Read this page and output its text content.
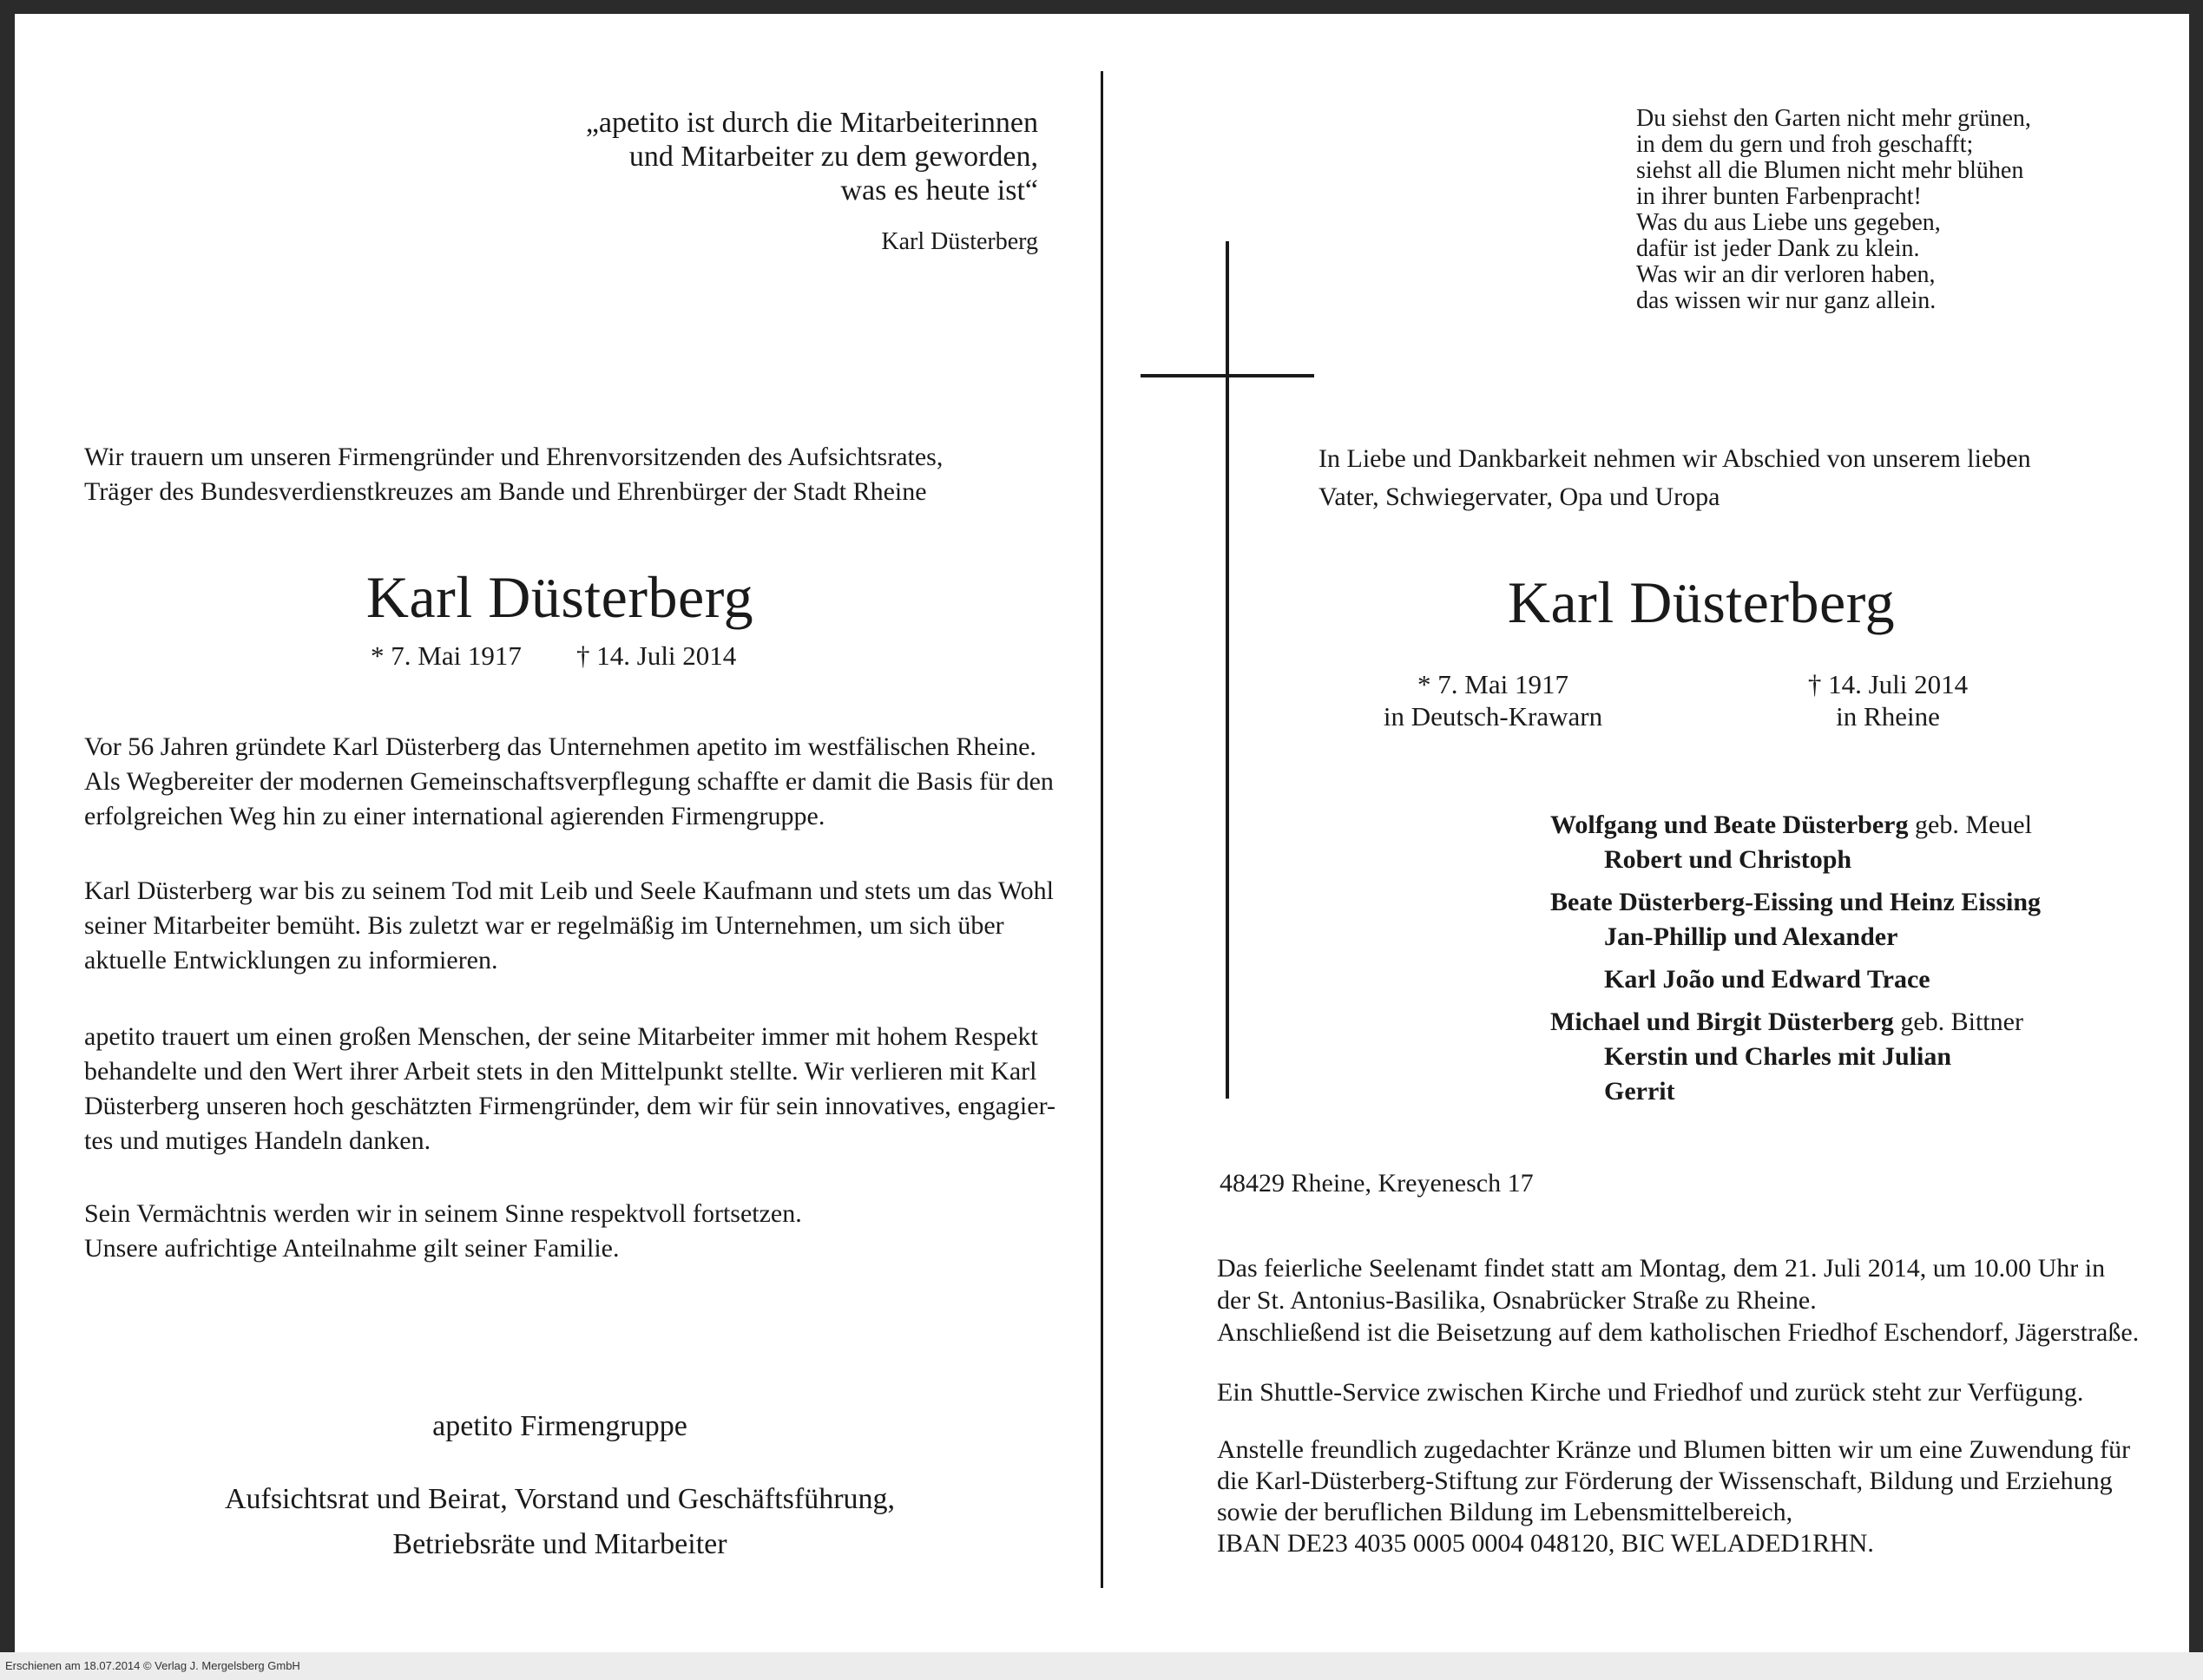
„apetito ist durch die Mitarbeiterinnen
und Mitarbeiter zu dem geworden,
was es heute ist“
Karl Düsterberg
Wir trauern um unseren Firmengründer und Ehrenvorsitzenden des Aufsichtsrates,
Träger des Bundesverdienstkreuzes am Bande und Ehrenbürger der Stadt Rheine
Karl Düsterberg
* 7. Mai 1917 † 14. Juli 2014
Vor 56 Jahren gründete Karl Düsterberg das Unternehmen apetito im westfälischen Rheine.
Als Wegbereiter der modernen Gemeinschaftsverpflegung schaffte er damit die Basis für den
erfolgreichen Weg hin zu einer international agierenden Firmengruppe.
Karl Düsterberg war bis zu seinem Tod mit Leib und Seele Kaufmann und stets um das Wohl
seiner Mitarbeiter bemüht. Bis zuletzt war er regelmäßig im Unternehmen, um sich über
aktuelle Entwicklungen zu informieren.
apetito trauert um einen großen Menschen, der seine Mitarbeiter immer mit hohem Respekt
behandelte und den Wert ihrer Arbeit stets in den Mittelpunkt stellte. Wir verlieren mit Karl
Düsterberg unseren hoch geschätzten Firmengründer, dem wir für sein innovatives, engagier-
tes und mutiges Handeln danken.
Sein Vermächtnis werden wir in seinem Sinne respektvoll fortsetzen.
Unsere aufrichtige Anteilnahme gilt seiner Familie.
apetito Firmengruppe
Aufsichtsrat und Beirat, Vorstand und Geschäftsführung,
Betriebsräte und Mitarbeiter
Du siehst den Garten nicht mehr grünen,
in dem du gern und froh geschafft;
siehst all die Blumen nicht mehr blühen
in ihrer bunten Farbenpracht!
Was du aus Liebe uns gegeben,
dafür ist jeder Dank zu klein.
Was wir an dir verloren haben,
das wissen wir nur ganz allein.
In Liebe und Dankbarkeit nehmen wir Abschied von unserem lieben
Vater, Schwiegervater, Opa und Uropa
Karl Düsterberg
* 7. Mai 1917
in Deutsch-Krawarn
† 14. Juli 2014
in Rheine
Wolfgang und Beate Düsterberg geb. Meuel
Robert und Christoph
Beate Düsterberg-Eissing und Heinz Eissing
Jan-Phillip und Alexander
Karl João und Edward Trace
Michael und Birgit Düsterberg geb. Bittner
Kerstin und Charles mit Julian
Gerrit
48429 Rheine, Kreyenesch 17
Das feierliche Seelenamt findet statt am Montag, dem 21. Juli 2014, um 10.00 Uhr in
der St. Antonius-Basilika, Osnabrücker Straße zu Rheine.
Anschließend ist die Beisetzung auf dem katholischen Friedhof Eschendorf, Jägerstraße.
Ein Shuttle-Service zwischen Kirche und Friedhof und zurück steht zur Verfügung.
Anstelle freundlich zugedachter Kränze und Blumen bitten wir um eine Zuwendung für
die Karl-Düsterberg-Stiftung zur Förderung der Wissenschaft, Bildung und Erziehung
sowie der beruflichen Bildung im Lebensmittelbereich,
IBAN DE23 4035 0005 0004 048120, BIC WELADED1RHN.
Erschienen am 18.07.2014 © Verlag J. Mergelsberg GmbH
